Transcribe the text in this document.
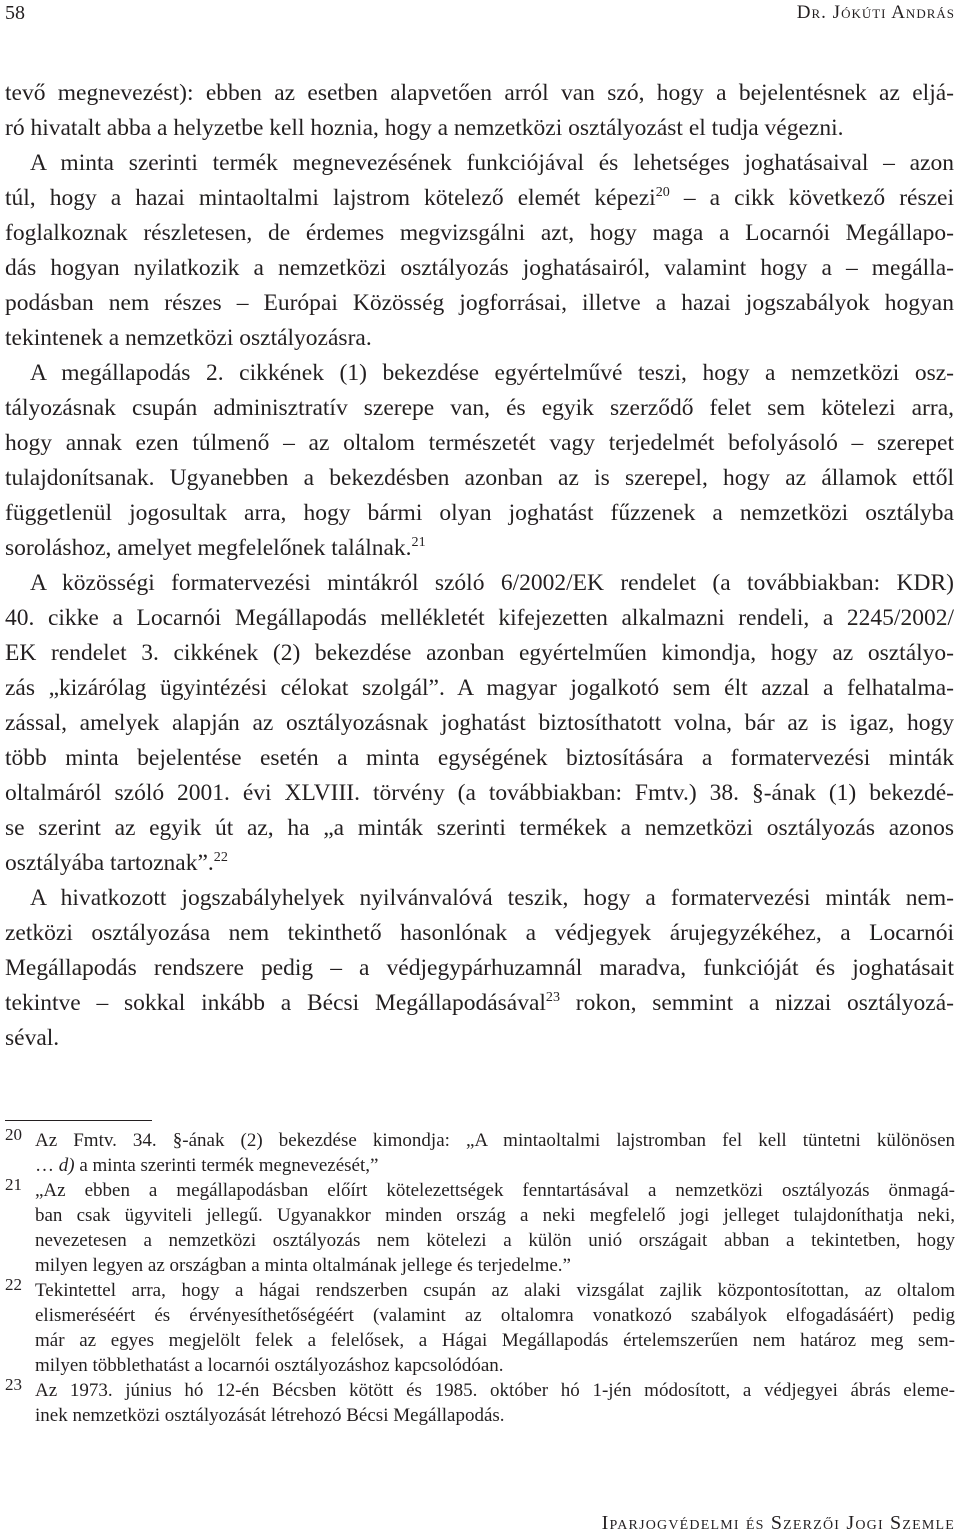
58	Dr. Jókúti András
tevő megnevezést): ebben az esetben alapvetően arról van szó, hogy a bejelentésnek az eljá-
ró hivatalt abba a helyzetbe kell hoznia, hogy a nemzetközi osztályozást el tudja végezni.
A minta szerinti termék megnevezésének funkciójával és lehetséges joghatásaival – azon
túl, hogy a hazai mintaoltalmi lajstrom kötelező elemét képezi$^{20}$ – a cikk következő részei
foglalkoznak részletesen, de érdemes megvizsgálni azt, hogy maga a Locarnói Megállapo-
dás hogyan nyilatkozik a nemzetközi osztályozás joghatásairól, valamint hogy a – megálla-
podásban nem részes – Európai Közösség jogforrásai, illetve a hazai jogszabályok hogyan
tekintenek a nemzetközi osztályozásra.
A megállapodás 2. cikkének (1) bekezdése egyértelművé teszi, hogy a nemzetközi osz-
tályozásnak csupán adminisztratív szerepe van, és egyik szerződő felet sem kötelezi arra,
hogy annak ezen túlmenő – az oltalom természetét vagy terjedelmét befolyásoló – szerepet
tulajdonítsanak. Ugyanebben a bekezdésben azonban az is szerepel, hogy az államok ettől
függetlenül jogosultak arra, hogy bármi olyan joghatást fűzzenek a nemzetközi osztályba
soroláshoz, amelyet megfelelőnek találnak.$^{21}$
A közösségi formatervezési mintákról szóló 6/2002/EK rendelet (a továbbiakban: KDR)
40. cikke a Locarnói Megállapodás mellékletét kifejezetten alkalmazni rendeli, a 2245/2002/
EK rendelet 3. cikkének (2) bekezdése azonban egyértelműen kimondja, hogy az osztályo-
zás „kizárólag ügyintézési célokat szolgál”. A magyar jogalkotó sem élt azzal a felhatalma-
zással, amelyek alapján az osztályozásnak joghatást biztosíthatott volna, bár az is igaz, hogy
több minta bejelentése esetén a minta egységének biztosítására a formatervezési minták
oltalmáról szóló 2001. évi XLVIII. törvény (a továbbiakban: Fmtv.) 38. §-ának (1) bekezdé-
se szerint az egyik út az, ha „a minták szerinti termékek a nemzetközi osztályozás azonos
osztályába tartoznak”.$^{22}$
A hivatkozott jogszabályhelyek nyilvánvalóvá teszik, hogy a formatervezési minták nem-
zetközi osztályozása nem tekinthető hasonlónak a védjegyek árujegyzékéhez, a Locarnói
Megállapodás rendszere pedig – a védjegypárhuzamnál maradva, funkcióját és joghatásait
tekintve – sokkal inkább a Bécsi Megállapodásával$^{23}$ rokon, semmint a nizzai osztályozá-
séval.
20 Az Fmtv. 34. §-ának (2) bekezdése kimondja: „A mintaoltalmi lajstromban fel kell tüntetni különösen
… d) a minta szerinti termék megnevezését,”
21 „Az ebben a megállapodásban előírt kötelezettségek fenntartásával a nemzetközi osztályozás önmagá-
ban csak ügyviteli jellegű. Ugyanakkor minden ország a neki megfelelő jogi jelleget tulajdoníthatja neki,
nevezetesen a nemzetközi osztályozás nem kötelezi a külön unió országait abban a tekintetben, hogy
milyen legyen az országban a minta oltalmának jellege és terjedelme.”
22 Tekintettel arra, hogy a hágai rendszerben csupán az alaki vizsgálat zajlik központosítottan, az oltalom
elismeréséért és érvényesíthetőségéért (valamint az oltalomra vonatkozó szabályok elfogadásáért) pedig
már az egyes megjelölt felek a felelősek, a Hágai Megállapodás értelemszerűen nem határoz meg sem-
milyen többlethatást a locarnói osztályozáshoz kapcsolódóan.
23 Az 1973. június hó 12-én Bécsben kötött és 1985. október hó 1-jén módosított, a védjegyei ábrás eleme-
inek nemzetközi osztályozását létrehozó Bécsi Megállapodás.
Iparjogvédelmi és Szerzői Jogi Szemle
